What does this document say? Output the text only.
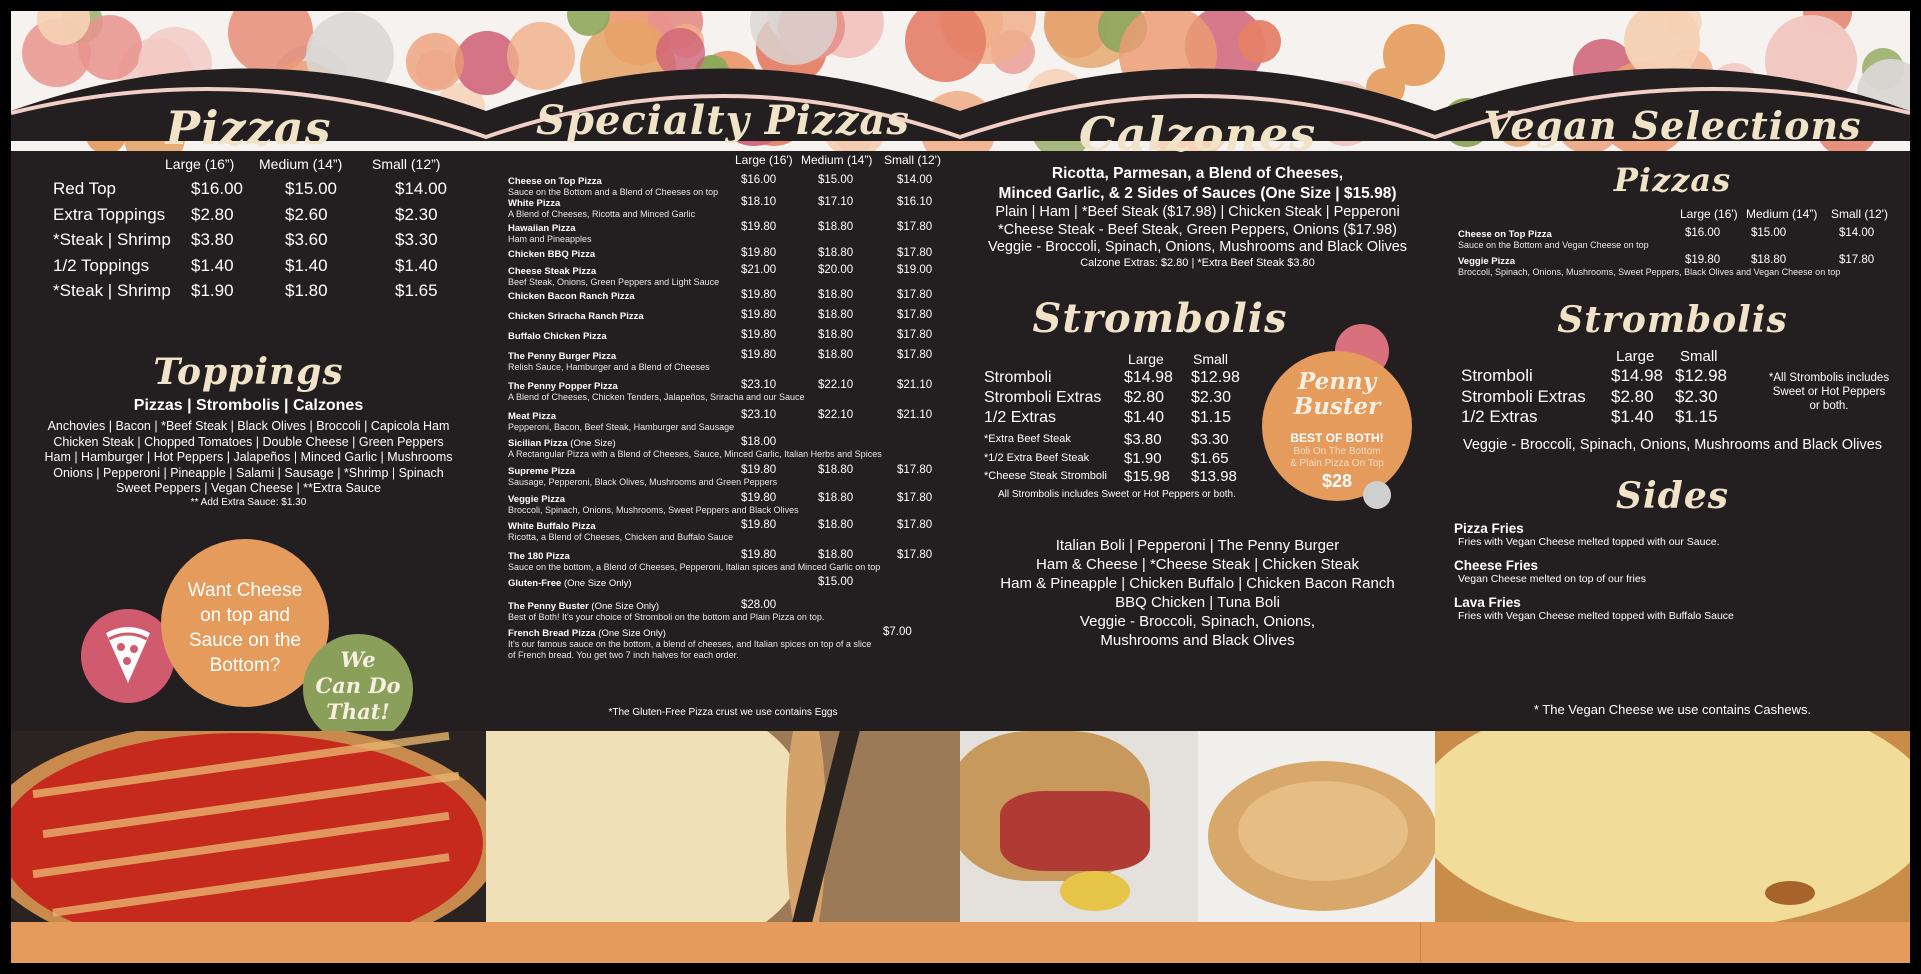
Pizzas
Large (16”) Medium (14”) Small (12”)
Red Top	$16.00 $15.00	$14.00
Extra Toppings $2.80	$2.60	$2.30
*Steak | Shrimp $3.80	$3.60	$3.30
1/2 Toppings $1.40	$1.40	$1.40
*Steak | Shrimp $1.90	$1.80	$1.65
Toppings
Pizzas | Strombolis | Calzones
Anchovies | Bacon | *Beef Steak | Black Olives | Broccoli | Capicola Ham
Chicken Steak | Chopped Tomatoes | Double Cheese | Green Peppers
Ham | Hamburger | Hot Peppers | Jalapeños | Minced Garlic | Mushrooms
Onions | Pepperoni | Pineapple | Salami | Sausage | *Shrimp | Spinach
Sweet Peppers | Vegan Cheese | **Extra Sauce
** Add Extra Sauce: $1.30
Want Cheese
on top and
Sauce on the
Bottom?	We
Can Do
That!
Specialty Pizzas
Large (16') Medium (14”) Small (12')
Cheese on Top Pizza
Sauce on the Bottom and a Blend of Cheeses on top
$16.00	$15.00	$14.00
White Pizza
A Blend of Cheeses, Ricotta and Minced Garlic
$18.10	$17.10	$16.10
Hawaiian Pizza
Ham and Pineapples
$19.80	$18.80	$17.80
Chicken BBQ Pizza	$19.80	$18.80	$17.80
Cheese Steak Pizza
Beef Steak, Onions, Green Peppers and Light Sauce
$21.00	$20.00	$19.00
Chicken Bacon Ranch Pizza	$19.80	$18.80	$17.80
Chicken Sriracha Ranch Pizza	$19.80	$18.80	$17.80
Buffalo Chicken Pizza	$19.80	$18.80	$17.80
The Penny Burger Pizza
Relish Sauce, Hamburger and a Blend of Cheeses
$19.80	$18.80	$17.80
The Penny Popper Pizza
A Blend of Cheeses, Chicken Tenders, Jalapeños, Sriracha and our Sauce
$23.10	$22.10	$21.10
Meat Pizza
Pepperoni, Bacon, Beef Steak, Hamburger and Sausage
$23.10	$22.10	$21.10
Sicilian Pizza (One Size)
A Rectangular Pizza with a Blend of Cheeses, Sauce, Minced Garlic, Italian Herbs and Spices
$18.00
Supreme Pizza
Sausage, Pepperoni, Black Olives, Mushrooms and Green Peppers
$19.80	$18.80	$17.80
Veggie Pizza
Broccoli, Spinach, Onions, Mushrooms, Sweet Peppers and Black Olives
$19.80	$18.80	$17.80
White Buffalo Pizza
Ricotta, a Blend of Cheeses, Chicken and Buffalo Sauce
$19.80	$18.80	$17.80
The 180 Pizza
Sauce on the bottom, a Blend of Cheeses, Pepperoni, Italian spices and Minced Garlic on top
$19.80	$18.80	$17.80
Gluten-Free (One Size Only)	$15.00
The Penny Buster (One Size Only)
Best of Both! It's your choice of Stromboli on the bottom and Plain Pizza on top.
$28.00
French Bread Pizza (One Size Only)
It's our famous sauce on the bottom, a blend of cheeses, and Italian spices on top of a slice
of French bread. You get two 7 inch halves for each order.
$7.00
*The Gluten-Free Pizza crust we use contains Eggs
Calzones
Ricotta, Parmesan, a Blend of Cheeses,
Minced Garlic, & 2 Sides of Sauces (One Size | $15.98)
Plain | Ham | *Beef Steak ($17.98) | Chicken Steak | Pepperoni
*Cheese Steak - Beef Steak, Green Peppers, Onions ($17.98)
Veggie - Broccoli, Spinach, Onions, Mushrooms and Black Olives
Calzone Extras: $2.80 | *Extra Beef Steak $3.80
Strombolis
Large Small
Stromboli	$14.98 $12.98
Stromboli Extras $2.80 $2.30
1/2 Extras	$1.40 $1.15
*Extra Beef Steak	$3.80 $3.30
*1/2 Extra Beef Steak $1.90 $1.65
*Cheese Steak Stromboli $15.98 $13.98
All Strombolis includes Sweet or Hot Peppers or both.
Penny
Buster
BEST OF BOTH!
Boli On The Bottom
& Plain Pizza On Top
$28
Italian Boli | Pepperoni | The Penny Burger
Ham & Cheese | *Cheese Steak | Chicken Steak
Ham & Pineapple | Chicken Buffalo | Chicken Bacon Ranch
BBQ Chicken | Tuna Boli
Veggie - Broccoli, Spinach, Onions,
Mushrooms and Black Olives
Vegan Selections
Pizzas
Large (16') Medium (14”) Small (12')
Cheese on Top Pizza
Sauce on the Bottom and Vegan Cheese on top
$16.00	$15.00	$14.00
Veggie Pizza
Broccoli, Spinach, Onions, Mushrooms, Sweet Peppers, Black Olives and Vegan Cheese on top
$19.80	$18.80	$17.80
Strombolis
Large Small
Stromboli	$14.98 $12.98
Stromboli Extras $2.80 $2.30
1/2 Extras	$1.40 $1.15
*All Strombolis includes
Sweet or Hot Peppers
or both.
Veggie - Broccoli, Spinach, Onions, Mushrooms and Black Olives
Sides
Pizza Fries
Fries with Vegan Cheese melted topped with our Sauce.
Cheese Fries
Vegan Cheese melted on top of our fries
Lava Fries
Fries with Vegan Cheese melted topped with Buffalo Sauce
* The Vegan Cheese we use contains Cashews.
